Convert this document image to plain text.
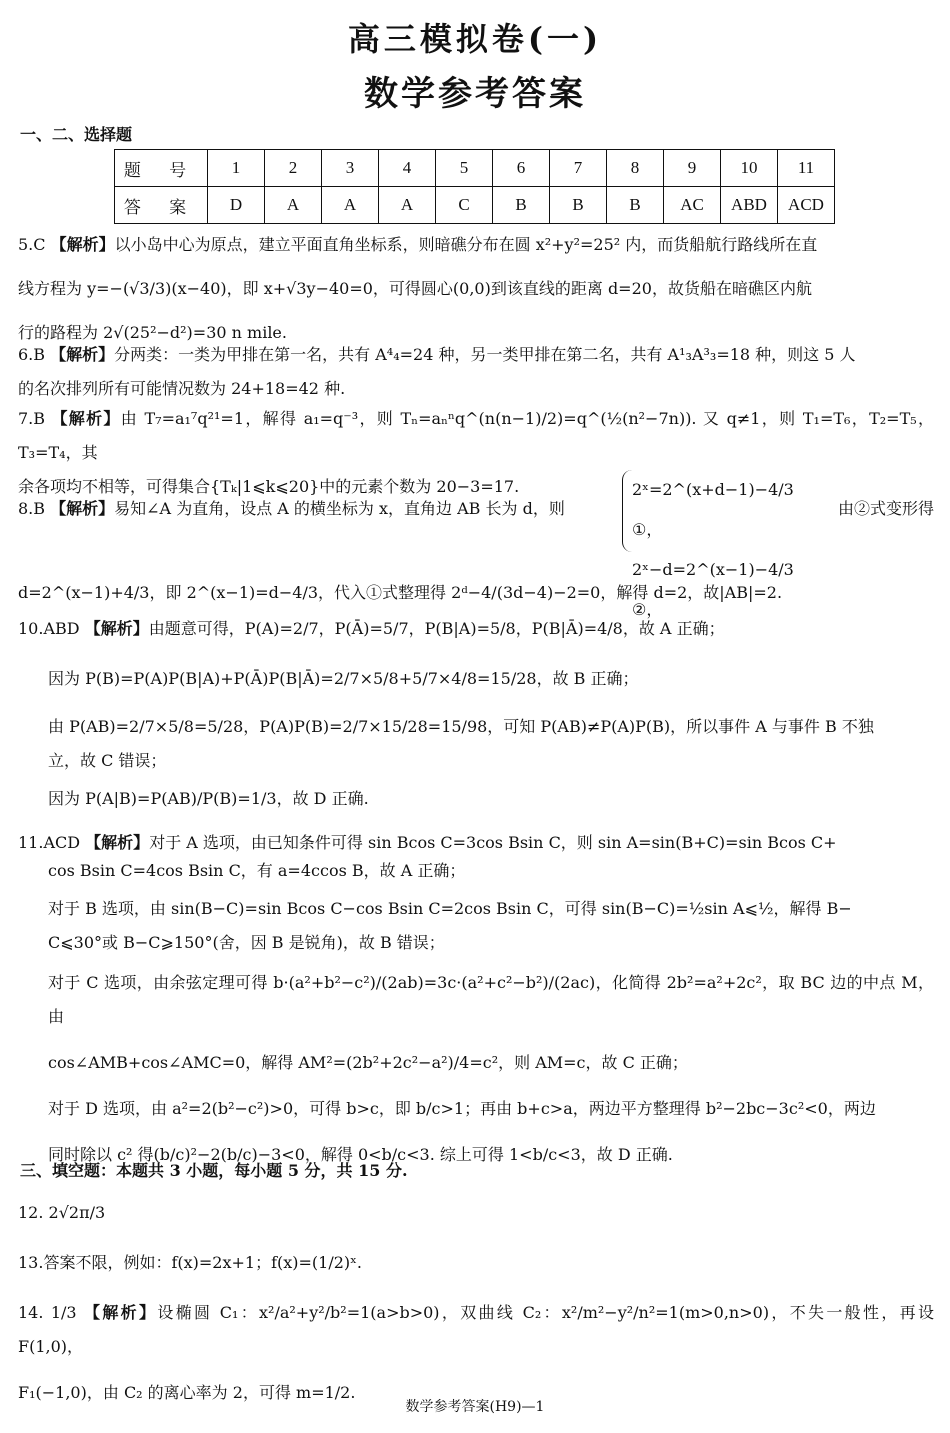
高三模拟卷(一)
数学参考答案
一、二、选择题
题 号	1	2	3	4	5	6	7	8	9	10	11
答 案	D	A	A	A	C	B	B	B	AC	ABD	ACD

5.C 【解析】以小岛中心为原点，建立平面直角坐标系，则暗礁分布在圆 x²+y²=25² 内，而货船航行路线所在直

线方程为 y=−(√3/3)(x−40)，即 x+√3y−40=0，可得圆心(0,0)到该直线的距离 d=20，故货船在暗礁区内航

行的路程为 2√(25²−d²)=30 n mile.

6.B 【解析】分两类：一类为甲排在第一名，共有 A⁴₄=24 种，另一类甲排在第二名，共有 A¹₃A³₃=18 种，则这 5 人

的名次排列所有可能情况数为 24+18=42 种.

7.B 【解析】由 T₇=a₁⁷q²¹=1，解得 a₁=q⁻³，则 Tₙ=aₙⁿq^(n(n−1)/2)=q^(½(n²−7n)). 又 q≠1，则 T₁=T₆，T₂=T₅，T₃=T₄，其

余各项均不相等，可得集合{Tₖ|1⩽k⩽20}中的元素个数为 20−3=17.

8.B 【解析】易知∠A 为直角，设点 A 的横坐标为 x，直角边 AB 长为 d，则
2ˣ=2^(x+d−1)−4/3 ①，
2ˣ−d=2^(x−1)−4/3 ②，
由②式变形得

d=2^(x−1)+4/3，即 2^(x−1)=d−4/3，代入①式整理得 2ᵈ−4/(3d−4)−2=0，解得 d=2，故|AB|=2.

10.ABD 【解析】由题意可得，P(A)=2/7，P(Ā)=5/7，P(B|A)=5/8，P(B|Ā)=4/8，故 A 正确；

因为 P(B)=P(A)P(B|A)+P(Ā)P(B|Ā)=2/7×5/8+5/7×4/8=15/28，故 B 正确；

由 P(AB)=2/7×5/8=5/28，P(A)P(B)=2/7×15/28=15/98，可知 P(AB)≠P(A)P(B)，所以事件 A 与事件 B 不独

立，故 C 错误；

因为 P(A|B)=P(AB)/P(B)=1/3，故 D 正确.

11.ACD 【解析】对于 A 选项，由已知条件可得 sin Bcos C=3cos Bsin C，则 sin A=sin(B+C)=sin Bcos C+

cos Bsin C=4cos Bsin C，有 a=4ccos B，故 A 正确；

对于 B 选项，由 sin(B−C)=sin Bcos C−cos Bsin C=2cos Bsin C，可得 sin(B−C)=½sin A⩽½，解得 B−

C⩽30°或 B−C⩾150°(舍，因 B 是锐角)，故 B 错误；

对于 C 选项，由余弦定理可得 b·(a²+b²−c²)/(2ab)=3c·(a²+c²−b²)/(2ac)，化简得 2b²=a²+2c²，取 BC 边的中点 M，由

cos∠AMB+cos∠AMC=0，解得 AM²=(2b²+2c²−a²)/4=c²，则 AM=c，故 C 正确；

对于 D 选项，由 a²=2(b²−c²)>0，可得 b>c，即 b/c>1；再由 b+c>a，两边平方整理得 b²−2bc−3c²<0，两边

同时除以 c² 得(b/c)²−2(b/c)−3<0，解得 0<b/c<3. 综上可得 1<b/c<3，故 D 正确.

三、填空题：本题共 3 小题，每小题 5 分，共 15 分.

12. 2√2π/3

13.答案不限，例如：f(x)=2x+1；f(x)=(1/2)ˣ.

14. 1/3 【解析】设椭圆 C₁：x²/a²+y²/b²=1(a>b>0)，双曲线 C₂：x²/m²−y²/n²=1(m>0,n>0)，不失一般性，再设 F(1,0)，

F₁(−1,0)，由 C₂ 的离心率为 2，可得 m=1/2.

数学参考答案(H9)—1
